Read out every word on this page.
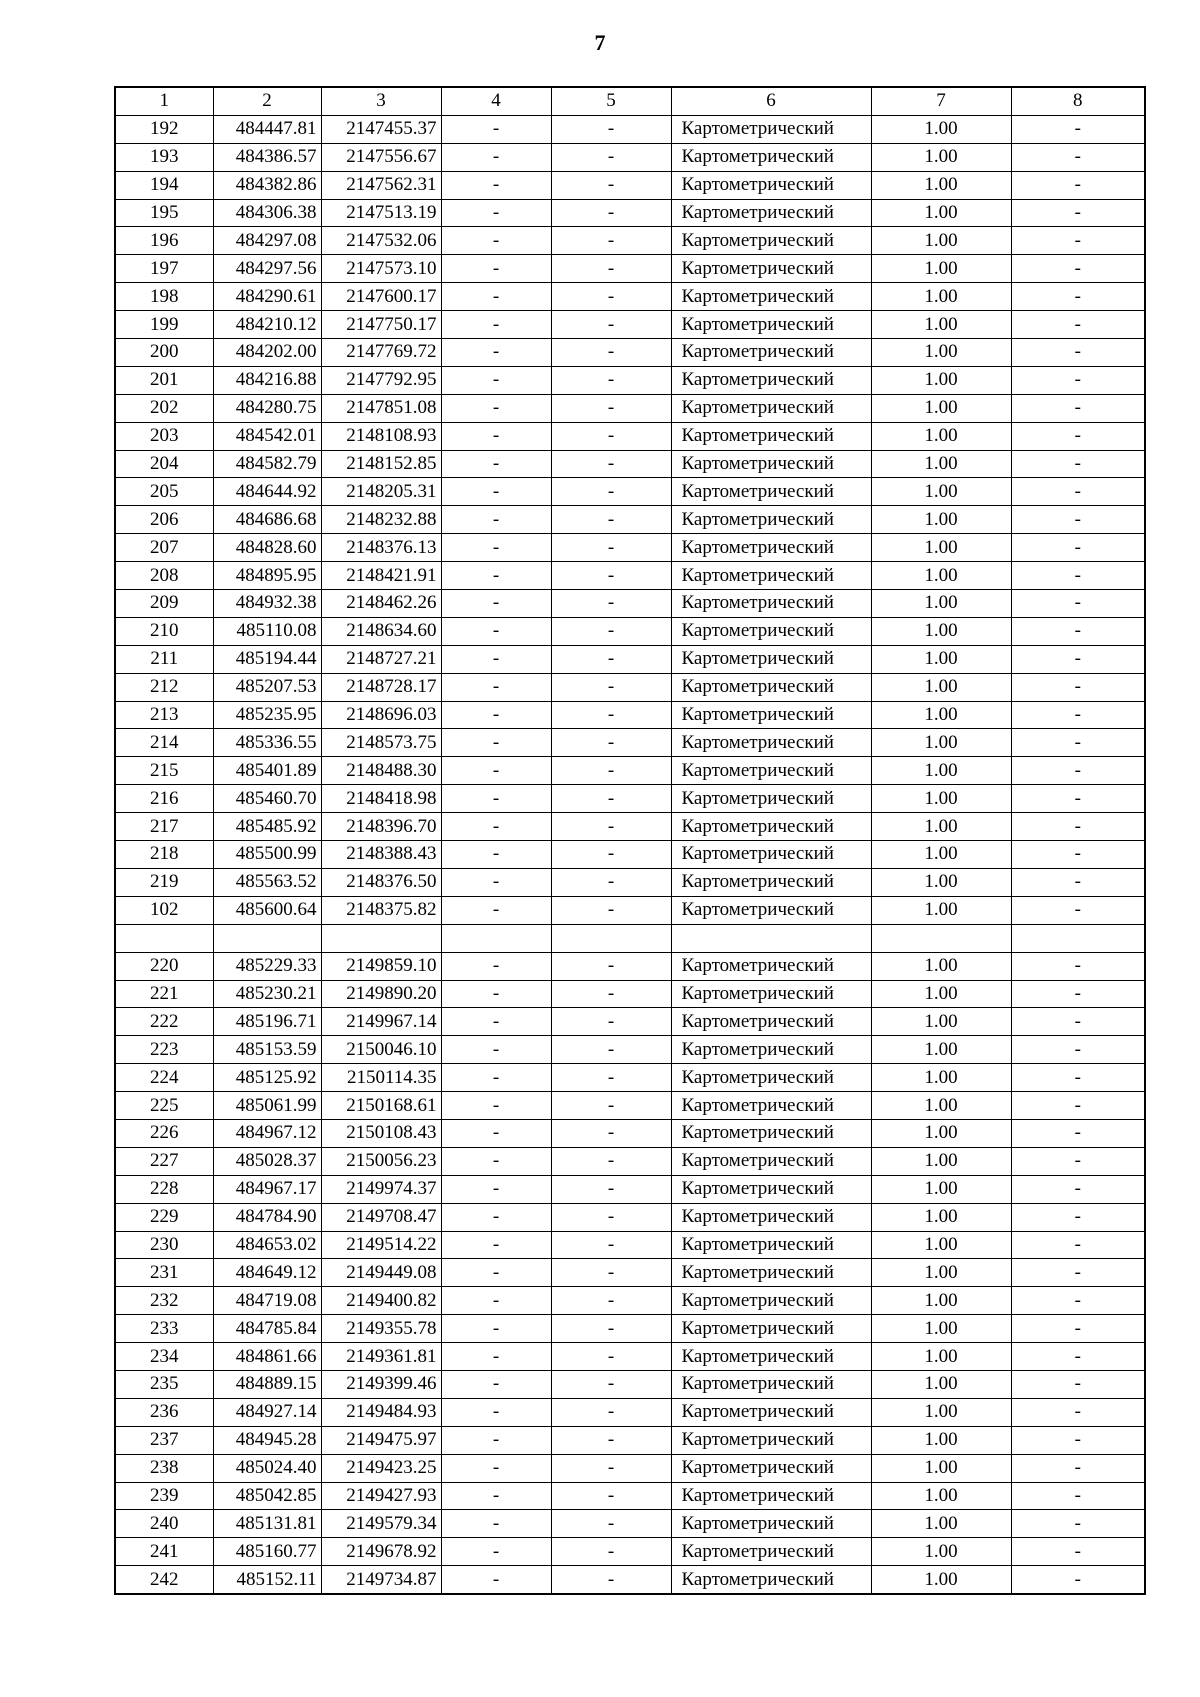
7
1	2	3	4	5	6	7	8
192	484447.81	2147455.37	-	-	Картометрический	1.00	-
193	484386.57	2147556.67	-	-	Картометрический	1.00	-
194	484382.86	2147562.31	-	-	Картометрический	1.00	-
195	484306.38	2147513.19	-	-	Картометрический	1.00	-
196	484297.08	2147532.06	-	-	Картометрический	1.00	-
197	484297.56	2147573.10	-	-	Картометрический	1.00	-
198	484290.61	2147600.17	-	-	Картометрический	1.00	-
199	484210.12	2147750.17	-	-	Картометрический	1.00	-
200	484202.00	2147769.72	-	-	Картометрический	1.00	-
201	484216.88	2147792.95	-	-	Картометрический	1.00	-
202	484280.75	2147851.08	-	-	Картометрический	1.00	-
203	484542.01	2148108.93	-	-	Картометрический	1.00	-
204	484582.79	2148152.85	-	-	Картометрический	1.00	-
205	484644.92	2148205.31	-	-	Картометрический	1.00	-
206	484686.68	2148232.88	-	-	Картометрический	1.00	-
207	484828.60	2148376.13	-	-	Картометрический	1.00	-
208	484895.95	2148421.91	-	-	Картометрический	1.00	-
209	484932.38	2148462.26	-	-	Картометрический	1.00	-
210	485110.08	2148634.60	-	-	Картометрический	1.00	-
211	485194.44	2148727.21	-	-	Картометрический	1.00	-
212	485207.53	2148728.17	-	-	Картометрический	1.00	-
213	485235.95	2148696.03	-	-	Картометрический	1.00	-
214	485336.55	2148573.75	-	-	Картометрический	1.00	-
215	485401.89	2148488.30	-	-	Картометрический	1.00	-
216	485460.70	2148418.98	-	-	Картометрический	1.00	-
217	485485.92	2148396.70	-	-	Картометрический	1.00	-
218	485500.99	2148388.43	-	-	Картометрический	1.00	-
219	485563.52	2148376.50	-	-	Картометрический	1.00	-
102	485600.64	2148375.82	-	-	Картометрический	1.00	-

220	485229.33	2149859.10	-	-	Картометрический	1.00	-
221	485230.21	2149890.20	-	-	Картометрический	1.00	-
222	485196.71	2149967.14	-	-	Картометрический	1.00	-
223	485153.59	2150046.10	-	-	Картометрический	1.00	-
224	485125.92	2150114.35	-	-	Картометрический	1.00	-
225	485061.99	2150168.61	-	-	Картометрический	1.00	-
226	484967.12	2150108.43	-	-	Картометрический	1.00	-
227	485028.37	2150056.23	-	-	Картометрический	1.00	-
228	484967.17	2149974.37	-	-	Картометрический	1.00	-
229	484784.90	2149708.47	-	-	Картометрический	1.00	-
230	484653.02	2149514.22	-	-	Картометрический	1.00	-
231	484649.12	2149449.08	-	-	Картометрический	1.00	-
232	484719.08	2149400.82	-	-	Картометрический	1.00	-
233	484785.84	2149355.78	-	-	Картометрический	1.00	-
234	484861.66	2149361.81	-	-	Картометрический	1.00	-
235	484889.15	2149399.46	-	-	Картометрический	1.00	-
236	484927.14	2149484.93	-	-	Картометрический	1.00	-
237	484945.28	2149475.97	-	-	Картометрический	1.00	-
238	485024.40	2149423.25	-	-	Картометрический	1.00	-
239	485042.85	2149427.93	-	-	Картометрический	1.00	-
240	485131.81	2149579.34	-	-	Картометрический	1.00	-
241	485160.77	2149678.92	-	-	Картометрический	1.00	-
242	485152.11	2149734.87	-	-	Картометрический	1.00	-
